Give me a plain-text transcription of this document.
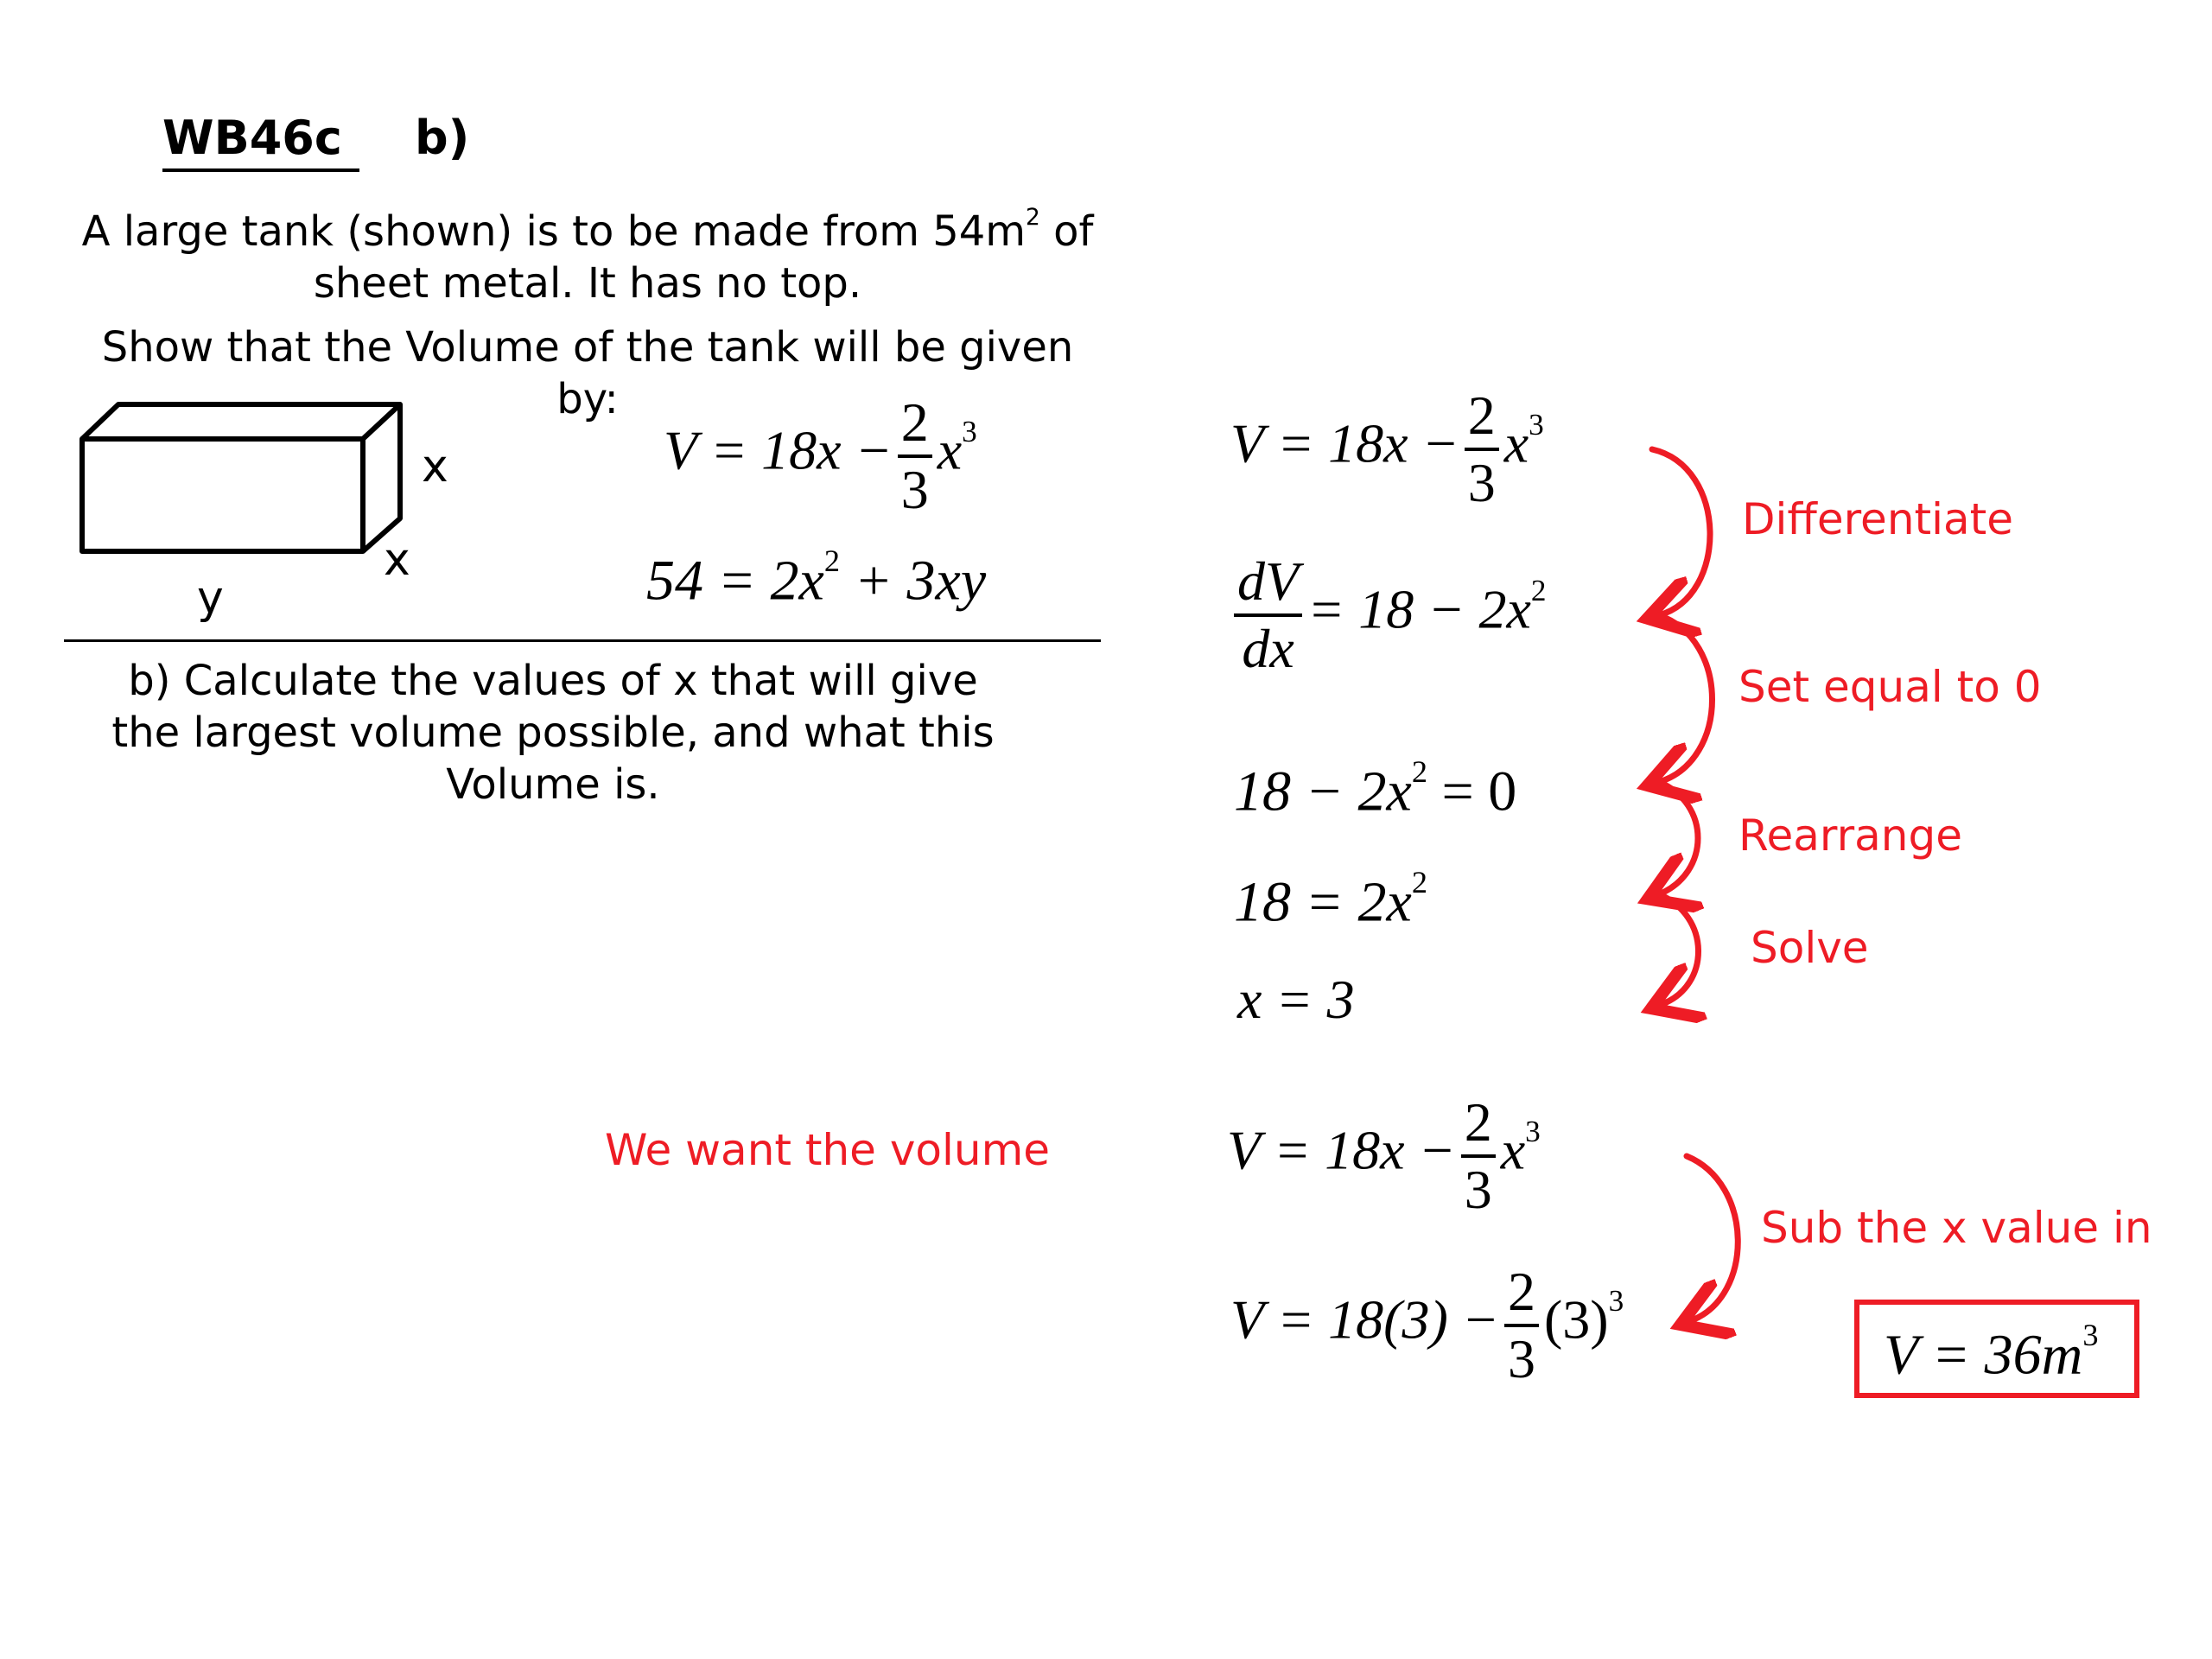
WB46c	b)
A large tank (shown) is to be made from $54m^2$ of
sheet metal. It has no top.
Show that the Volume of the tank will be given
by:
x
x
y
$V = 18x - \frac{2}{3} x^3$
$54 = 2x^2 + 3xy$
b) Calculate the values of x that will give
the largest volume possible, and what this
Volume is.
$V = 18x - \frac{2}{3} x^3$
$\frac{dV}{dx} = 18 - 2x^2$
$18 - 2x^2 = 0$
$18 = 2x^2$
x = 3
$V = 18x - \frac{2}{3} x^3$
$V = 18(3) - \frac{2}{3} (3)^3$
Differentiate
Set equal to 0
Rearrange
Solve
Sub the x value in
We want the volume
$V = 36m^3$
